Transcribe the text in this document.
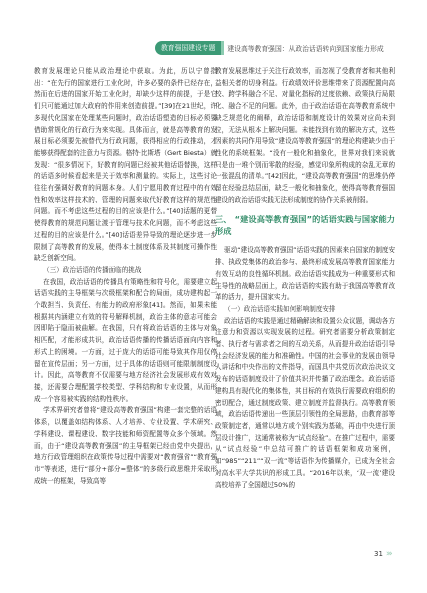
教育强国建设专题	建设高等教育强国：从政治话语转向到国家能力形成

教育发展理论只能从政治理论中获取。为此，历以宁曾指出：“在先行的国家进行工业化时，许多必要的条件已经存在，然而在后进的国家开始工业化时，却缺少这样的前提，于是它们只可能通过加大政府的作用来创造前提。”[39]在21世纪，许多现代化国家在处理某些问题时，政治话语塑造的目标必须要借助常规化的行政行为来实现。具体而言，就是高等教育的发展目标必须要先被替代为行政问题，获得相应的行政推动，才能够获得配套的注意力与资源。格特·比斯塔（Gert Biesta）就发现：“很多情况下，好教育的问题已经被其他话语替换，这样的话语多时候看起来是关于效率和测量的。实际上，这些讨论往往有强调好教育的问题本身。人们宁愿用教育过程中的有效性和效率这样技术的、管理的问题来取代好教育这样的规范性问题。而不考虑这些过程的目的应该是什么。”[40]话题的更替使得教育的规范问题让渡于管理与技术化问题，而不考虑这些过程的目的应该是什么。”[40]话语差异导致的理论逐步进一步限制了高等教育的发展，使得本土制度体系及其制度可操作性缺乏创新空间。

（三）政治话语的传播面临的挑战

在我国，政治话语的传播具有策略性和符号化，需要建立起话语实践的主导框架与次级框架和配合的局面，成功建构起一个敢担当、负责任、有能力的政府形象[41]。然而，如果未能根据其内涵建立有效的符号解释机制，政治主体的意志可能会因即陷于隐而被曲解。在我国，只有将政治话语的主体与对象相匹配，才能形成共识，政治话语传播的传播话语面向内容和形式上的困境。一方面，过于庞大的话语可能导致其作用仅停留在宣传层面；另一方面，过于具体的话语则可能限制制度设计。因此，高等教育不仅需要与地方经济社会发展形成有效对接，还需要合理配置学校类型、学科结构和专业设置，从而形成一个容易被实践的结构性秩序。

学术界研究者曾将“建设高等教育强国”构建一套完整的话语体系，以覆盖如结构体系、人才培养、专业设置、学术研究、学科建设、课程建设、数字技能和师资配置等众多个领域。然而，由于“建设高等教育强国”的主导框架已经由党中央提出，地方行政管理组织在政策传导过程中需要对“教育强省”“教育强市”等表述，进行“部分+部分=整体”的多级行政思维并采取形成统一的框架，导致高等

教育发展思维过于关注行政效率，而忽视了受教育者和其他利益相关者的切身利益。行政绩效评价思维带来了资源配置向高校、跨学科融合不足、对量化指标的过度依赖、政策执行局限化、融合不足的问题。此外，由于政治话语在高等教育系统中缺乏规范化的阐释，政治话语和制度设计的效果对应尚未到位，无法从根本上解决问题。未能找到有效的解决方式，这些因素的共同作用导致“建设高等教育强国”的理论构建缺少由于性化的系统框架。“没有一般化和抽象化，世界对我们来说就只是由一堆个别而零散的经验，感觉印象所构成的杂乱无章的一张混乱的清单。”[42]因此，“建设高等教育强国”的思维仍停留在经验总结层面，缺乏一般化和抽象化，使得高等教育强国建设的政治话语实践无法形成制度的协作关系被削弱。

三、 “建设高等教育强国”的话语实践与国家能力形成

驱动“建设高等教育强国”话语实践的因素来自国家的制度安排、执政党集体的政治参与、最终形成发展高等教育国家能力有效互动的良性循环机制。政治话语实践成为一种重要形式和主导性的战略层面上，政治话语的实践有助于我国高等教育改革的活力，提升国家实力。

（一）政治话语实践如何影响制度安排

政治话语的实践是通过精确解读和设置公众议题，调动各方注意力和资源以实现发展的过程。研究者需要分析政策制定者、执行者与需求者之间的互动关系，从而提升政治话语引导社会经济发展的能力和准确性。中国的社会事业的发展由领导人讲话和中央作出的文件指导，而国具中共党历次政治决议文发布的话语制度设计了价值共识并传播了政治理念。政治话语建构具有现代化的集体性，其目标的有效执行需要政府组织的密切配合，通过制度政策、建立制度并监督执行。高等教育领域，政治话语传递出一些顶层引领性的全局思路，由教育部等政策制定者，通常以地方或个别实践为基础，再由中央进行顶层设计推广，这通常被称为“试点经验”。在推广过程中，需要从“试点经验”中总结可推广的话语框架和成功案例，如“985”“211”“双一流”等话语作为传播媒介，已成为全社会对高水平大学共识的形成工具。“2016年以来，‘双一流’建设高校培养了全国超过50%的

31 ›››
